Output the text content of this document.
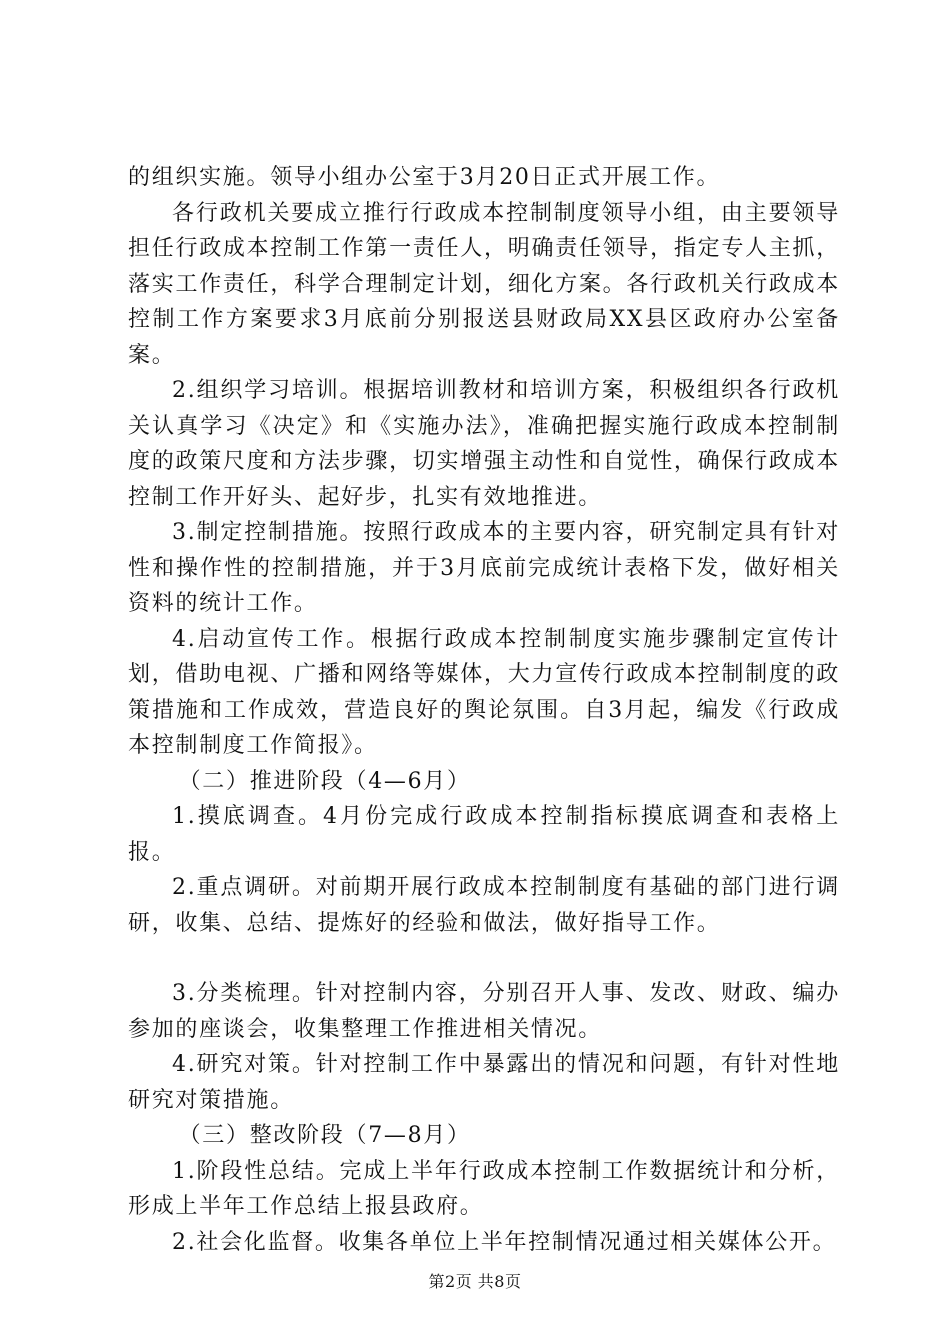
的组织实施。领导小组办公室于3月20日正式开展工作。

各行政机关要成立推行行政成本控制制度领导小组，由主要领导担任行政成本控制工作第一责任人，明确责任领导，指定专人主抓，落实工作责任，科学合理制定计划，细化方案。各行政机关行政成本控制工作方案要求3月底前分别报送县财政局XX县区政府办公室备案。

2.组织学习培训。根据培训教材和培训方案，积极组织各行政机关认真学习《决定》和《实施办法》，准确把握实施行政成本控制制度的政策尺度和方法步骤，切实增强主动性和自觉性，确保行政成本控制工作开好头、起好步，扎实有效地推进。

3.制定控制措施。按照行政成本的主要内容，研究制定具有针对性和操作性的控制措施，并于3月底前完成统计表格下发，做好相关资料的统计工作。

4.启动宣传工作。根据行政成本控制制度实施步骤制定宣传计划，借助电视、广播和网络等媒体，大力宣传行政成本控制制度的政策措施和工作成效，营造良好的舆论氛围。自3月起，编发《行政成本控制制度工作简报》。

（二）推进阶段（4—6月）

1.摸底调查。4月份完成行政成本控制指标摸底调查和表格上报。

2.重点调研。对前期开展行政成本控制制度有基础的部门进行调研，收集、总结、提炼好的经验和做法，做好指导工作。

3.分类梳理。针对控制内容，分别召开人事、发改、财政、编办参加的座谈会，收集整理工作推进相关情况。

4.研究对策。针对控制工作中暴露出的情况和问题，有针对性地研究对策措施。

（三）整改阶段（7—8月）

1.阶段性总结。完成上半年行政成本控制工作数据统计和分析，形成上半年工作总结上报县政府。

2.社会化监督。收集各单位上半年控制情况通过相关媒体公开。

第2页 共8页
